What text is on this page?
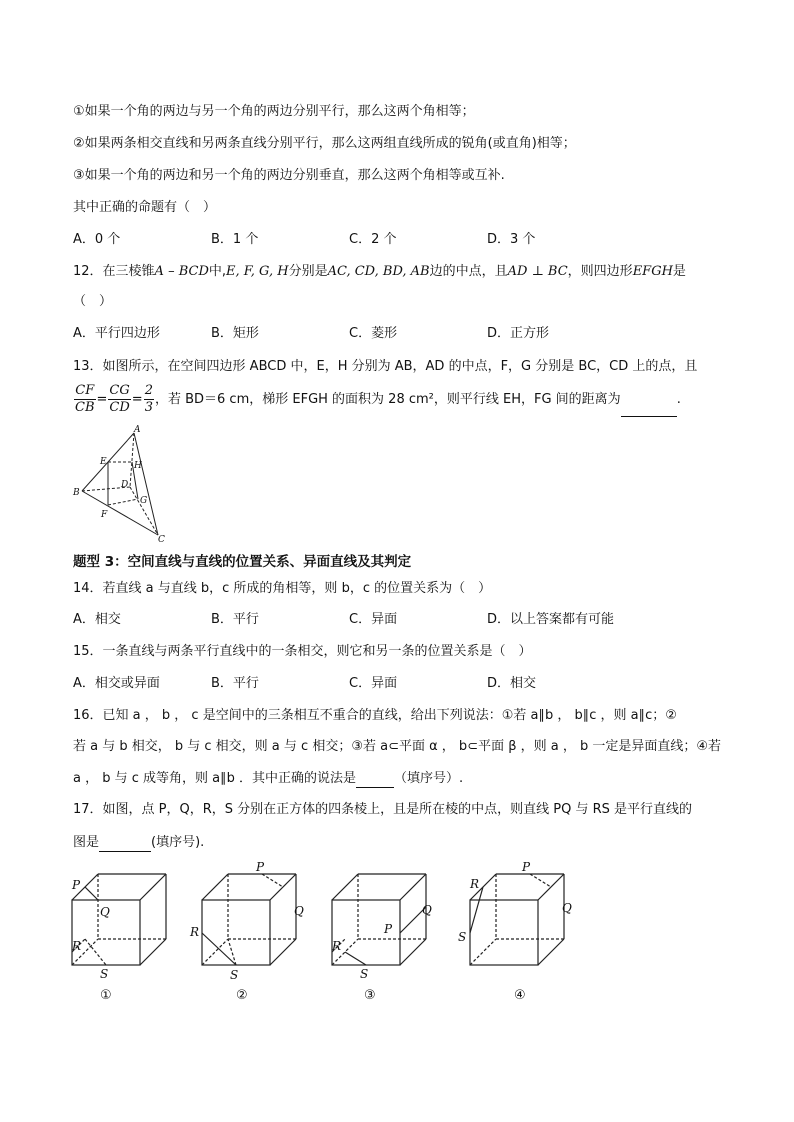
①如果一个角的两边与另一个角的两边分别平行，那么这两个角相等；
②如果两条相交直线和另两条直线分别平行，那么这两组直线所成的锐角(或直角)相等；
③如果一个角的两边和另一个角的两边分别垂直，那么这两个角相等或互补.
其中正确的命题有（　）
A．0 个	B．1 个	C．2 个	D．3 个
12．在三棱锥A – BCD中,E, F, G, H分别是AC, CD, BD, AB边的中点，且AD ⊥ BC，则四边形EFGH是
（　）
A．平行四边形	B．矩形	C．菱形	D．正方形
13．如图所示，在空间四边形 ABCD 中，E，H 分别为 AB，AD 的中点，F，G 分别是 BC，CD 上的点，且
$\frac{CF}{CB} = \frac{CG}{CD} = \frac{2}{3}$ ，若 BD＝6 cm，梯形 EFGH 的面积为 28 cm²，则平行线 EH，FG 间的距离为	.
A
E	H
D
B
G
F
C
题型 3：空间直线与直线的位置关系、异面直线及其判定
14．若直线 a 与直线 b，c 所成的角相等，则 b，c 的位置关系为（　）
A．相交	B．平行	C．异面	D．以上答案都有可能
15．一条直线与两条平行直线中的一条相交，则它和另一条的位置关系是（　）
A．相交或异面	B．平行	C．异面	D．相交
16．已知 a ， b ， c 是空间中的三条相互不重合的直线，给出下列说法：①若 a∥b ， b∥c ，则 a∥c；②
若 a 与 b 相交， b 与 c 相交，则 a 与 c 相交；③若 a⊂平面 α ， b⊂平面 β ，则 a ， b 一定是异面直线；④若
a ， b 与 c 成等角，则 a∥b ．其中正确的说法是	（填序号）.
17．如图，点 P，Q，R，S 分别在正方体的四条棱上，且是所在棱的中点，则直线 PQ 与 RS 是平行直线的
图是	(填序号).
P
Q
R
S
P
Q
R
S
Q
P
R
S
P
R
Q
S
①	②	③	④
